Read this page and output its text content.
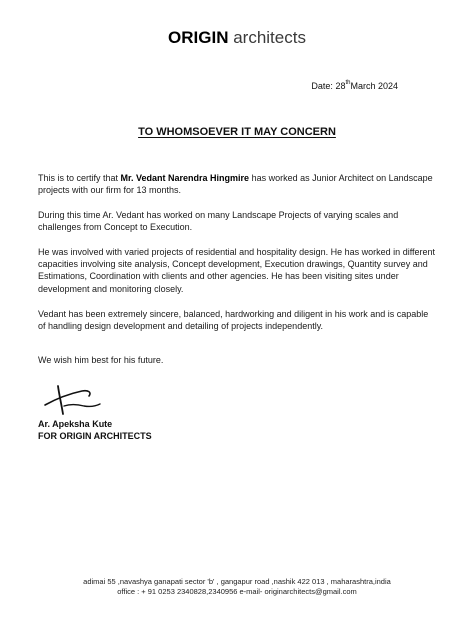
ORIGIN architects
Date: 28thMarch 2024
TO WHOMSOEVER IT MAY CONCERN

This is to certify that Mr. Vedant Narendra Hingmire has worked as Junior Architect on Landscape projects with our firm for 13 months.

During this time Ar. Vedant has worked on many Landscape Projects of varying scales and challenges from Concept to Execution.

He was involved with varied projects of residential and hospitality design. He has worked in different capacities involving site analysis, Concept development, Execution drawings, Quantity survey and Estimations, Coordination with clients and other agencies. He has been visiting sites under development and monitoring closely.

Vedant has been extremely sincere, balanced, hardworking and diligent in his work and is capable of handling design development and detailing of projects independently.

We wish him best for his future.

Ar. Apeksha Kute
FOR ORIGIN ARCHITECTS
adimai 55 ,navashya ganapati sector 'b' , gangapur road ,nashik 422 013 , maharashtra,india
office : + 91 0253 2340828,2340956 e-mail- originarchitects@gmail.com
